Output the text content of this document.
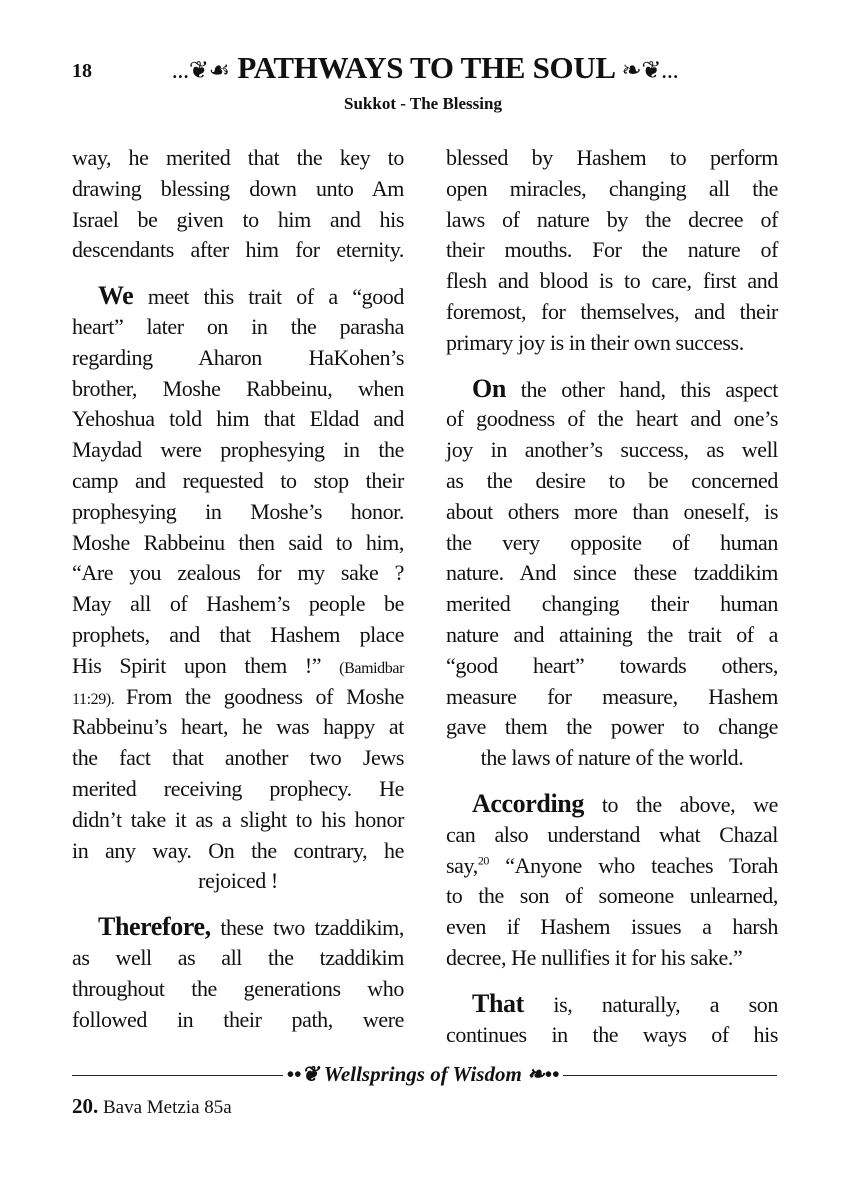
18	...❦☙ PATHWAYS TO THE SOUL ❧❦...
Sukkot - The Blessing
way, he merited that the key to
drawing blessing down unto Am
Israel be given to him and his
descendants after him for eternity.
We meet this trait of a “good
heart” later on in the parasha
regarding Aharon HaKohen’s
brother, Moshe Rabbeinu, when
Yehoshua told him that Eldad and
Maydad were prophesying in the
camp and requested to stop their
prophesying in Moshe’s honor.
Moshe Rabbeinu then said to him,
“Are you zealous for my sake ?
May all of Hashem’s people be
prophets, and that Hashem place
His Spirit upon them !” (Bamidbar
11:29). From the goodness of Moshe
Rabbeinu’s heart, he was happy at
the fact that another two Jews
merited receiving prophecy. He
didn’t take it as a slight to his honor
in any way. On the contrary, he
rejoiced !
Therefore, these two tzaddikim,
as well as all the tzaddikim
throughout the generations who
followed in their path, were
blessed by Hashem to perform
open miracles, changing all the
laws of nature by the decree of
their mouths. For the nature of
flesh and blood is to care, first and
foremost, for themselves, and their
primary joy is in their own success.
On the other hand, this aspect
of goodness of the heart and one’s
joy in another’s success, as well
as the desire to be concerned
about others more than oneself, is
the very opposite of human
nature. And since these tzaddikim
merited changing their human
nature and attaining the trait of a
“good heart” towards others,
measure for measure, Hashem
gave them the power to change
the laws of nature of the world.
According to the above, we
can also understand what Chazal
say,$^{20}$ “Anyone who teaches Torah
to the son of someone unlearned,
even if Hashem issues a harsh
decree, He nullifies it for his sake.”
That is, naturally, a son
continues in the ways of his
••❦ Wellsprings of Wisdom ❧••
20. Bava Metzia 85a
